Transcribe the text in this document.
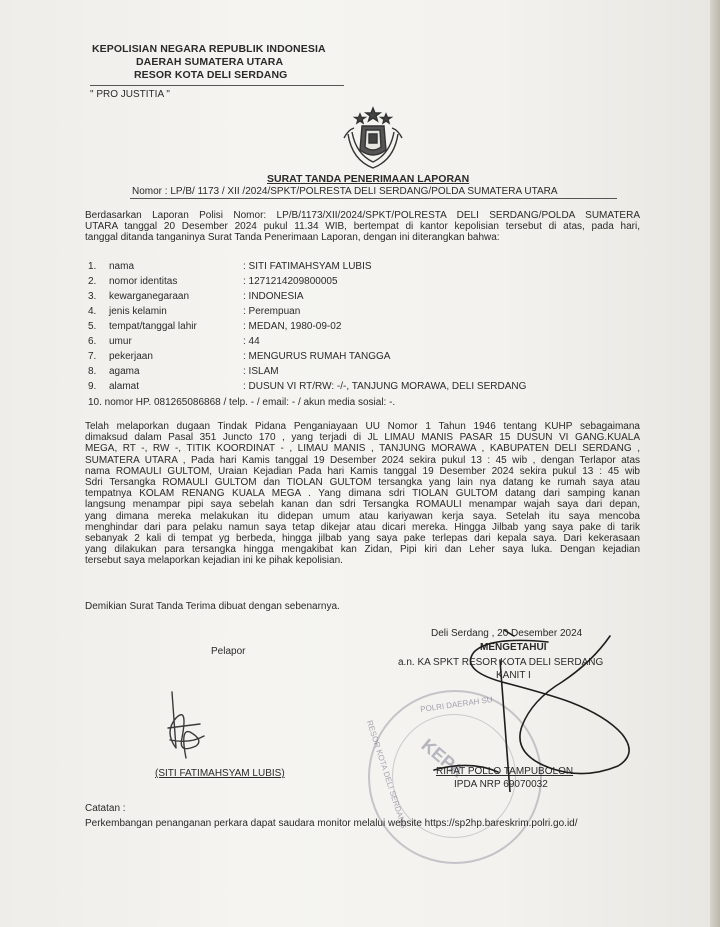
KEPOLISIAN NEGARA REPUBLIK INDONESIA
DAERAH SUMATERA UTARA
RESOR KOTA DELI SERDANG
" PRO JUSTITIA "
SURAT TANDA PENERIMAAN LAPORAN
Nomor : LP/B/ 1173 / XII /2024/SPKT/POLRESTA DELI SERDANG/POLDA SUMATERA UTARA
Berdasarkan Laporan Polisi Nomor: LP/B/1173/XII/2024/SPKT/POLRESTA DELI SERDANG/POLDA SUMATERA
UTARA tanggal 20 Desember 2024 pukul 11.34 WIB, bertempat di kantor kepolisian tersebut di atas, pada hari,
tanggal ditanda tanganinya Surat Tanda Penerimaan Laporan, dengan ini diterangkan bahwa:
1.	nama	: SITI FATIMAHSYAM LUBIS
2.	nomor identitas	: 1271214209800005
3.	kewarganegaraan	: INDONESIA
4.	jenis kelamin	: Perempuan
5.	tempat/tanggal lahir	: MEDAN, 1980-09-02
6.	umur	: 44
7.	pekerjaan	: MENGURUS RUMAH TANGGA
8.	agama	: ISLAM
9.	alamat	: DUSUN VI RT/RW: -/-, TANJUNG MORAWA, DELI SERDANG
10. nomor HP. 081265086868 / telp. - / email: - / akun media sosial: -.
Telah melaporkan dugaan Tindak Pidana Penganiayaan UU Nomor 1 Tahun 1946 tentang KUHP sebagaimana
dimaksud dalam Pasal 351 Juncto 170 , yang terjadi di JL LIMAU MANIS PASAR 15 DUSUN VI GANG.KUALA
MEGA, RT -, RW -, TITIK KOORDINAT - , LIMAU MANIS , TANJUNG MORAWA , KABUPATEN DELI SERDANG ,
SUMATERA UTARA , Pada hari Kamis tanggal 19 Desember 2024 sekira pukul 13 : 45 wib , dengan Terlapor atas
nama ROMAULI GULTOM, Uraian Kejadian Pada hari Kamis tanggal 19 Desember 2024 sekira pukul 13 : 45 wib
Sdri Tersangka ROMAULI GULTOM dan TIOLAN GULTOM tersangka yang lain nya datang ke rumah saya atau
tempatnya KOLAM RENANG KUALA MEGA . Yang dimana sdri TIOLAN GULTOM datang dari samping kanan
langsung menampar pipi saya sebelah kanan dan sdri Tersangka ROMAULI menampar wajah saya dari depan,
yang dimana mereka melakukan itu didepan umum atau kariyawan kerja saya. Setelah itu saya mencoba
menghindar dari para pelaku namun saya tetap dikejar atau dicari mereka. Hingga Jilbab yang saya pake di tarik
sebanyak 2 kali di tempat yg berbeda, hingga jilbab yang saya pake terlepas dari kepala saya. Dari kekerasaan
yang dilakukan para tersangka hingga mengakibat kan Zidan, Pipi kiri dan Leher saya luka. Dengan kejadian
tersebut saya melaporkan kejadian ini ke pihak kepolisian.
Demikian Surat Tanda Terima dibuat dengan sebenarnya.
POLRI DAERAH SU
RESOR KOTA DELI SERDANG KEPA
Deli Serdang , 20 Desember 2024
MENGETAHUI
a.n. KA SPKT RESOR KOTA DELI SERDANG
KANIT I
RIHAT POLLO TAMPUBOLON
IPDA NRP 69070032
Pelapor
(SITI FATIMAHSYAM LUBIS)
Catatan :
Perkembangan penanganan perkara dapat saudara monitor melalui website https://sp2hp.bareskrim.polri.go.id/
